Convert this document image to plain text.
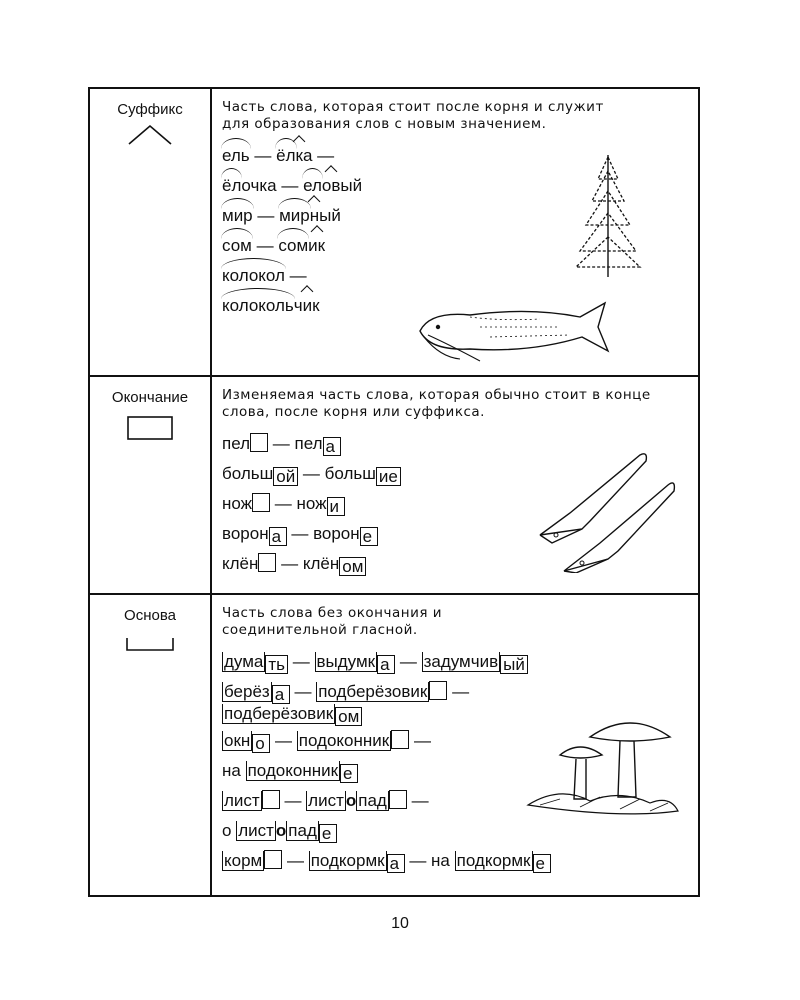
Суффикс	Часть слова, которая стоит после корня и служит для образования слов с новым значением.

ель — ёлка —
ёлочка — еловый
мир — мирный
сом — сомик
колокол —
колокольчик
Окончание	Изменяемая часть слова, которая обычно стоит в конце слова, после корня или суффикса.

пел — пел а
больш ой — больш ие
нож — нож и
ворон а — ворон е
клён — клён ом
Основа	Часть слова без окончания и соединительной гласной.

дума ть — выдумк а — задумчив ый
берёз а — подберёзовик —
подберёзовик ом
окн о — подоконник —
на подоконник е
лист — лист о пад —
о лист о пад е
корм — подкормк а — на подкормк е
10
